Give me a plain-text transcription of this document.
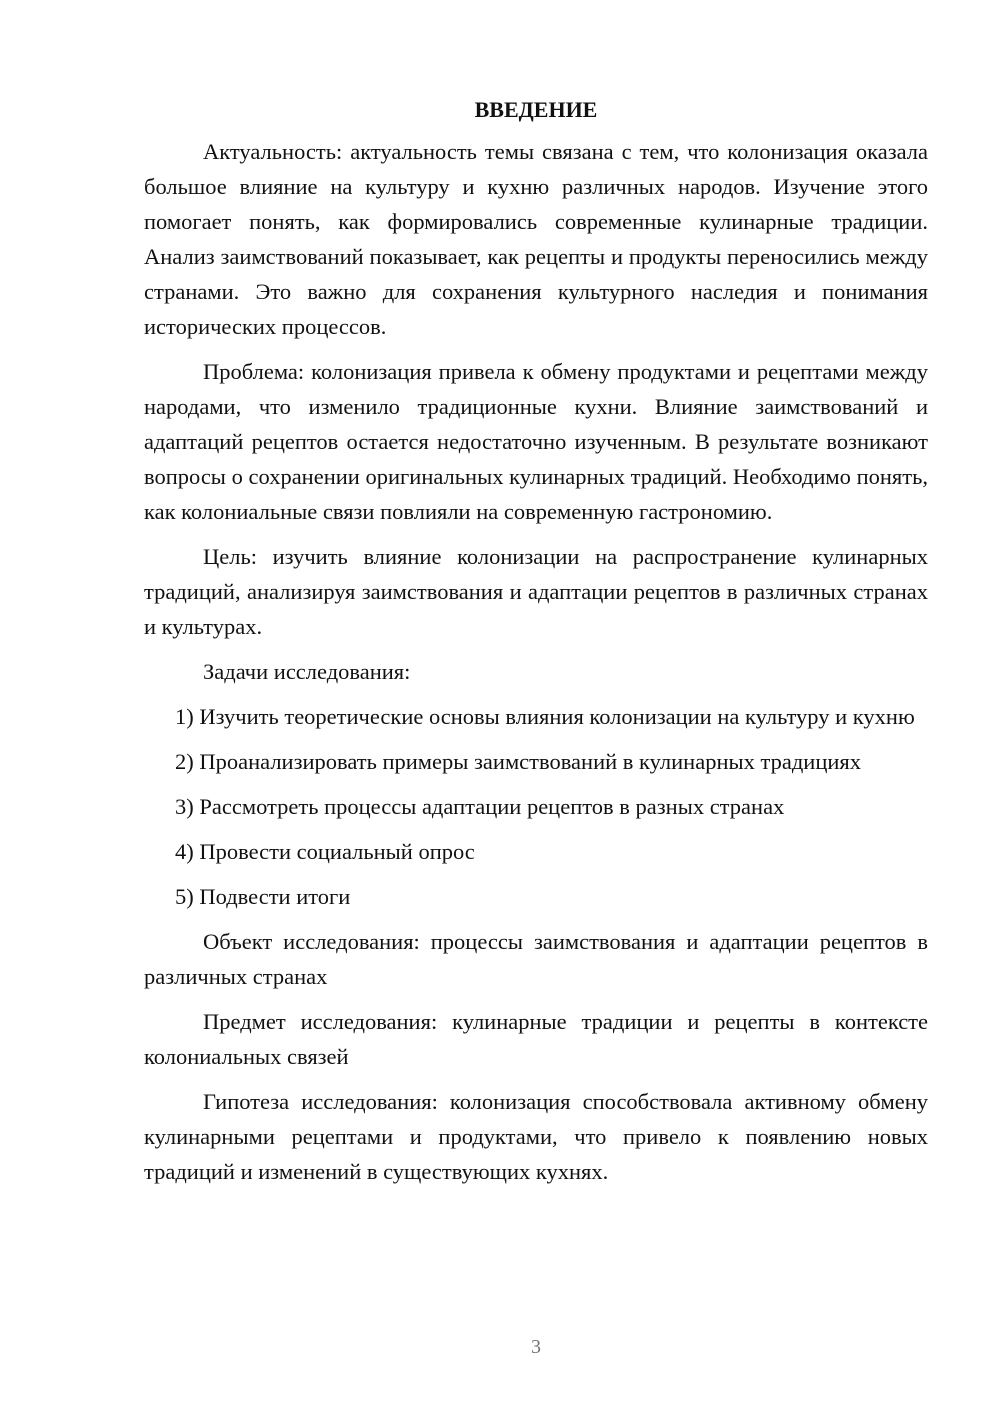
ВВЕДЕНИЕ

Актуальность: актуальность темы связана с тем, что колонизация оказала большое влияние на культуру и кухню различных народов. Изучение этого помогает понять, как формировались современные кулинарные традиции. Анализ заимствований показывает, как рецепты и продукты переносились между странами. Это важно для сохранения культурного наследия и понимания исторических процессов.

Проблема: колонизация привела к обмену продуктами и рецептами между народами, что изменило традиционные кухни. Влияние заимствований и адаптаций рецептов остается недостаточно изученным. В результате возникают вопросы о сохранении оригинальных кулинарных традиций. Необходимо понять, как колониальные связи повлияли на современную гастрономию.

Цель: изучить влияние колонизации на распространение кулинарных традиций, анализируя заимствования и адаптации рецептов в различных странах и культурах.

Задачи исследования:

1) Изучить теоретические основы влияния колонизации на культуру и кухню

2) Проанализировать примеры заимствований в кулинарных традициях

3) Рассмотреть процессы адаптации рецептов в разных странах

4) Провести социальный опрос

5) Подвести итоги

Объект исследования: процессы заимствования и адаптации рецептов в различных странах

Предмет исследования: кулинарные традиции и рецепты в контексте колониальных связей

Гипотеза исследования: колонизация способствовала активному обмену кулинарными рецептами и продуктами, что привело к появлению новых традиций и изменений в существующих кухнях.

3
